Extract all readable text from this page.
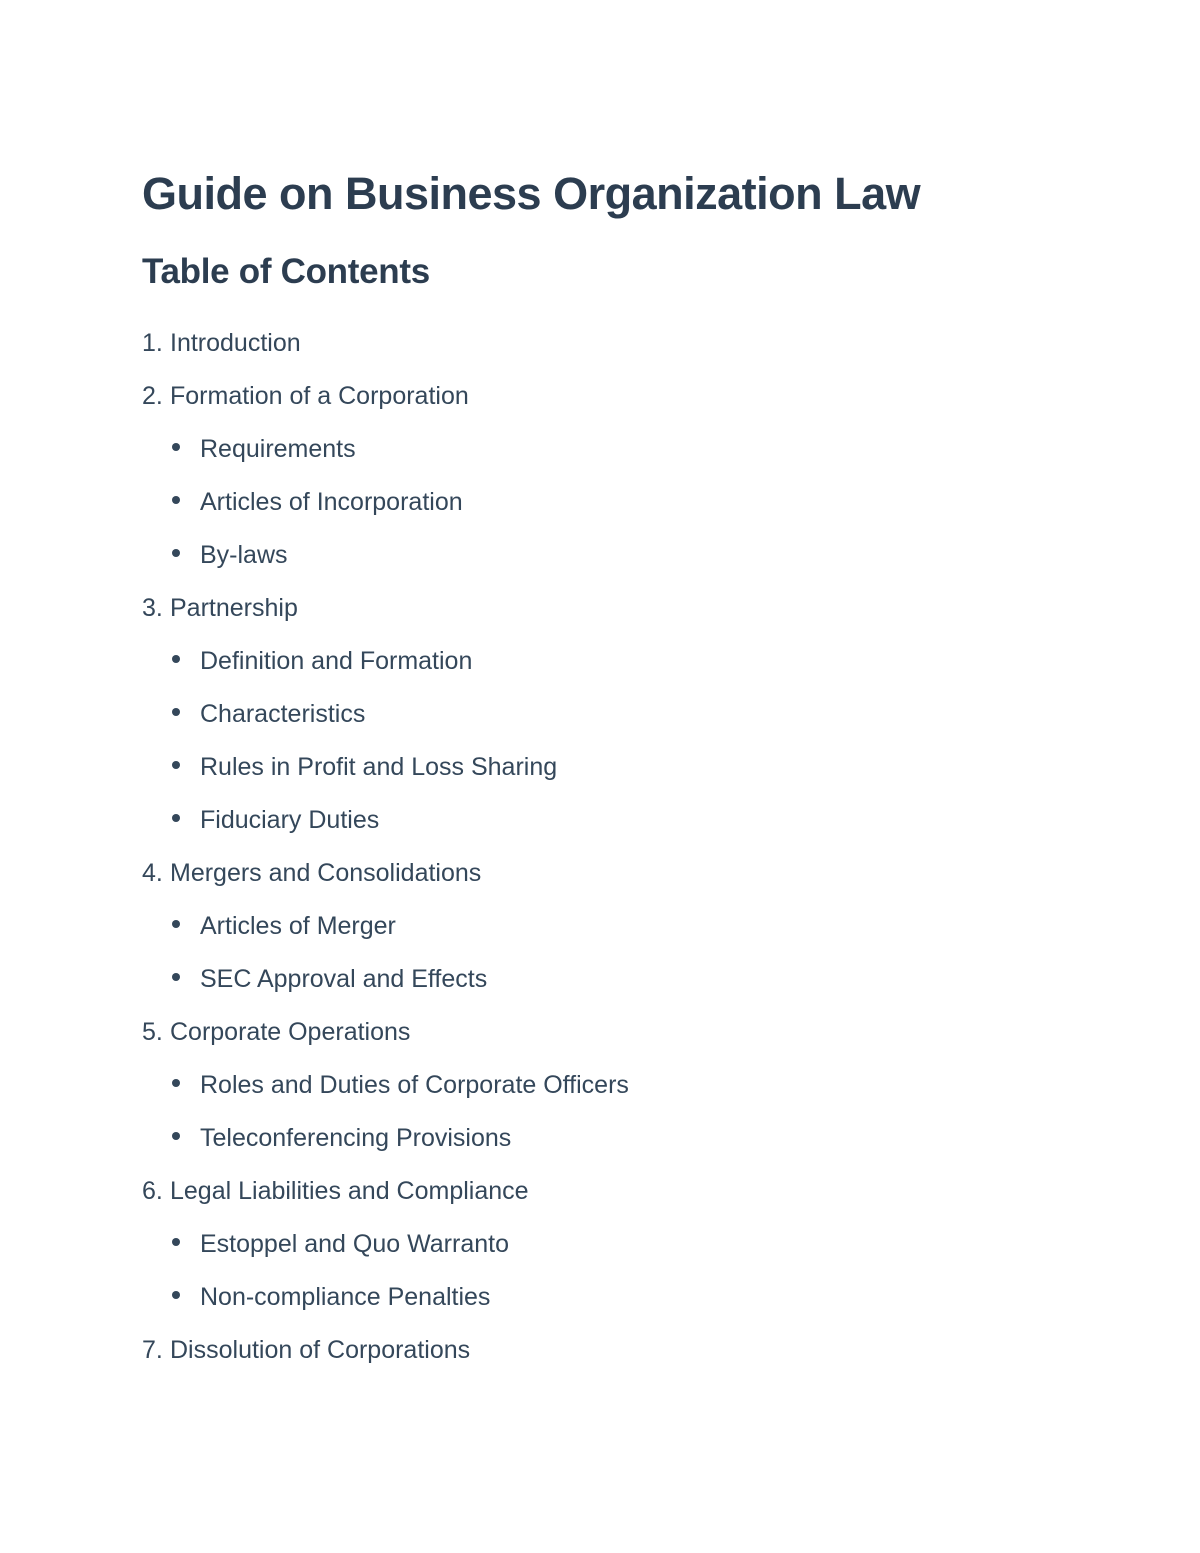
Guide on Business Organization Law
Table of Contents
1. Introduction
2. Formation of a Corporation
Requirements
Articles of Incorporation
By-laws
3. Partnership
Definition and Formation
Characteristics
Rules in Profit and Loss Sharing
Fiduciary Duties
4. Mergers and Consolidations
Articles of Merger
SEC Approval and Effects
5. Corporate Operations
Roles and Duties of Corporate Officers
Teleconferencing Provisions
6. Legal Liabilities and Compliance
Estoppel and Quo Warranto
Non-compliance Penalties
7. Dissolution of Corporations
